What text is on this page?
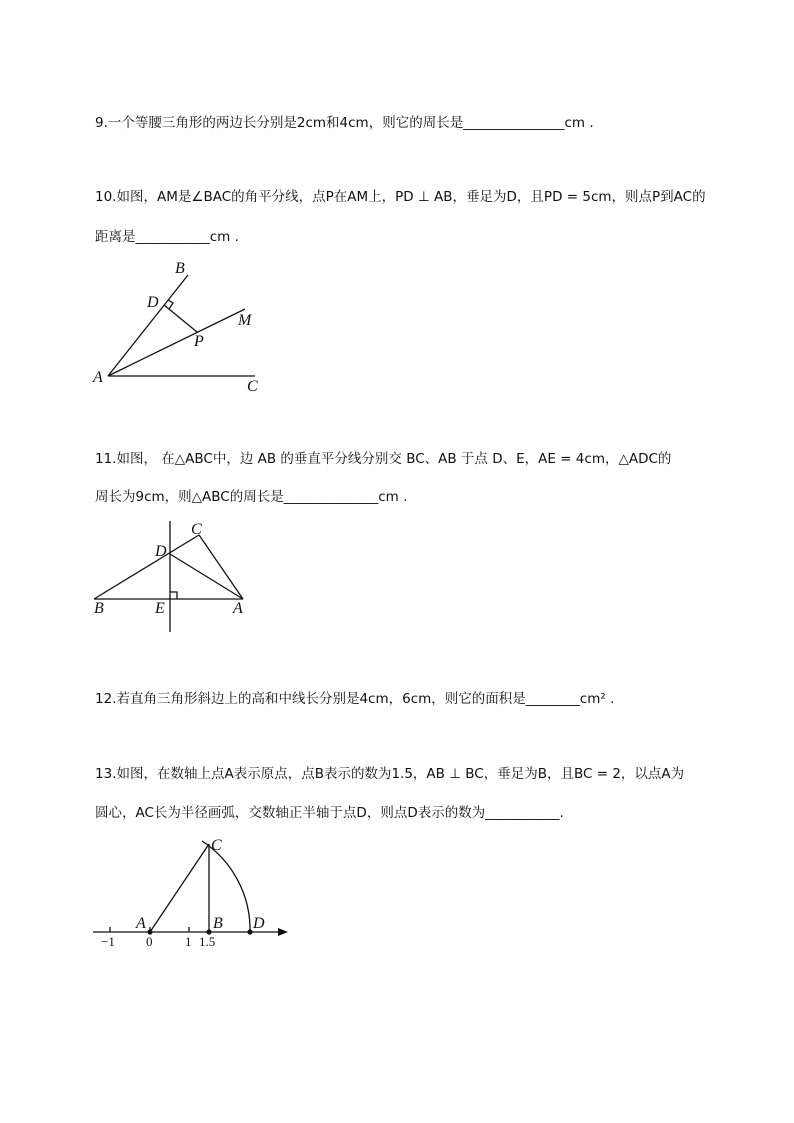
9.一个等腰三角形的两边长分别是2cm和4cm，则它的周长是_______________cm .
10.如图，AM是∠BAC的角平分线，点P在AM上，PD ⊥ AB，垂足为D，且PD = 5cm，则点P到AC的
距离是___________cm .
B
D
M
P
A
C
11.如图， 在△ABC中，边 AB 的垂直平分线分别交 BC、AB 于点 D、E，AE = 4cm，△ADC的
周长为9cm，则△ABC的周长是______________cm .
C
D
B	E	A
12.若直角三角形斜边上的高和中线长分别是4cm，6cm，则它的面积是________cm² .
13.如图，在数轴上点A表示原点，点B表示的数为1.5，AB ⊥ BC，垂足为B，且BC = 2，以点A为
圆心，AC长为半径画弧，交数轴正半轴于点D，则点D表示的数为___________.
C
A	B D
−1 0	1 1.5
